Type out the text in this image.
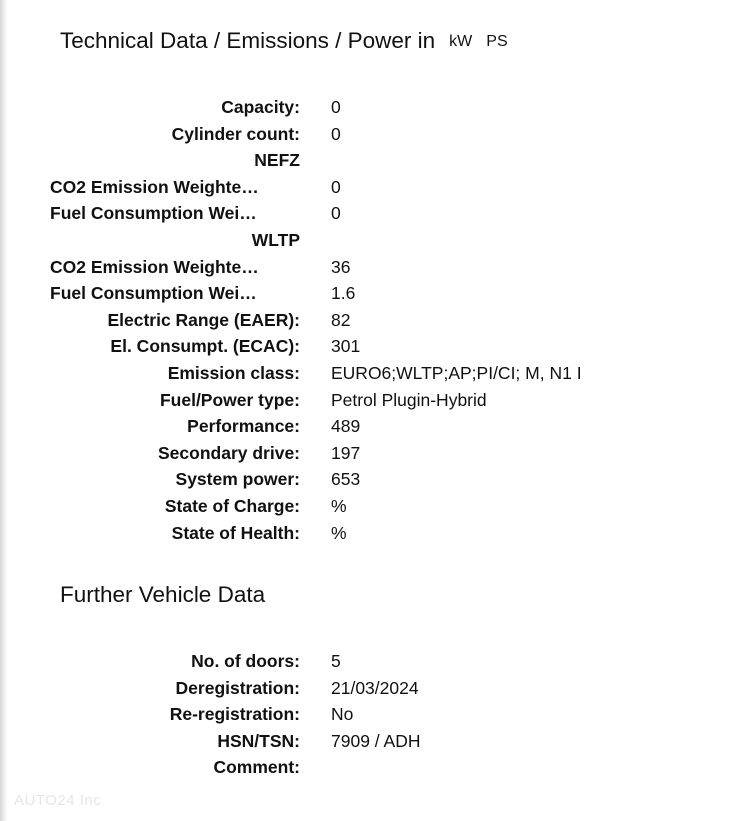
Technical Data / Emissions / Power in kW PS
Capacity: 0
Cylinder count: 0
NEFZ
CO2 Emission Weighte…	0
Fuel Consumption Wei…	0
WLTP
CO2 Emission Weighte…	36
Fuel Consumption Wei…	1.6
Electric Range (EAER): 82
El. Consumpt. (ECAC): 301
Emission class: EURO6;WLTP;AP;PI/CI; M, N1 I
Fuel/Power type: Petrol Plugin-Hybrid
Performance: 489
Secondary drive: 197
System power: 653
State of Charge: %
State of Health: %
Further Vehicle Data
No. of doors: 5
Deregistration: 21/03/2024
Re-registration: No
HSN/TSN: 7909 / ADH
Comment:
AUTO24 Inc
